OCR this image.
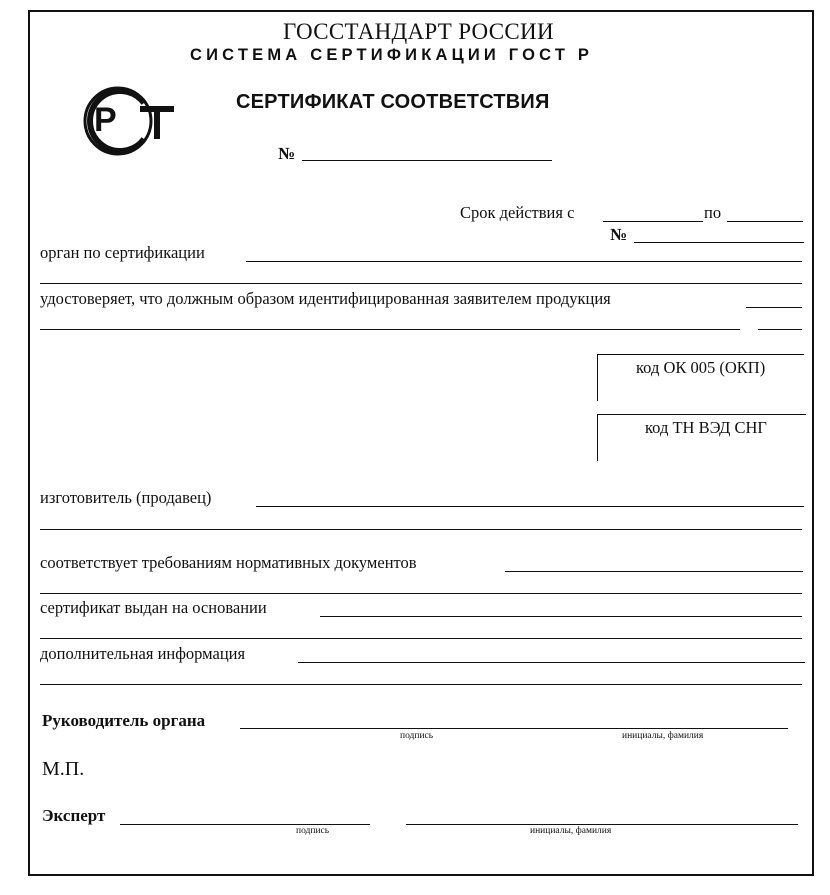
ГОССТАНДАРТ РОССИИ
СИСТЕМА СЕРТИФИКАЦИИ ГОСТ Р
Р	СЕРТИФИКАТ СООТВЕТСТВИЯ
№
Срок действия с	по
№
орган по сертификации
удостоверяет, что должным образом идентифицированная заявителем продукция
код ОК 005 (ОКП)
код ТН ВЭД СНГ
изготовитель (продавец)
соответствует требованиям нормативных документов
сертификат выдан на основании
дополнительная информация
Руководитель органа
подпись	инициалы, фамилия
М.П.
Эксперт
подпись	инициалы, фамилия
